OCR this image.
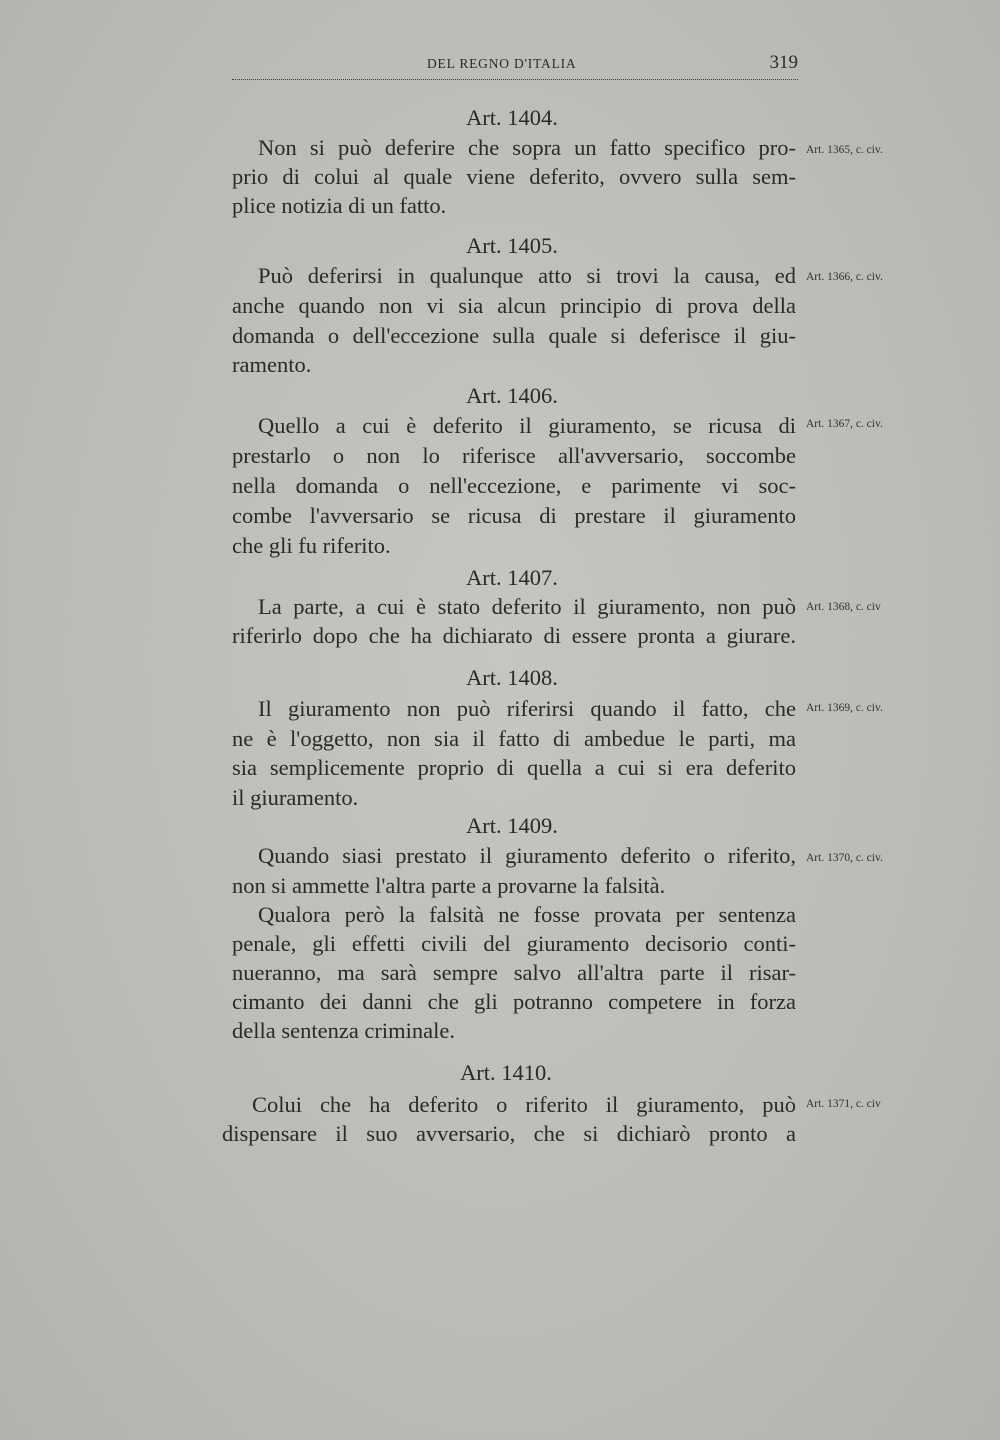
DEL REGNO D'ITALIA	319
Art. 1404.
Art. 1365, c. civ.
Non si può deferire che sopra un fatto specifico pro-
prio di colui al quale viene deferito, ovvero sulla sem-
plice notizia di un fatto.
Art. 1405.
Art. 1366, c. civ.
Può deferirsi in qualunque atto si trovi la causa, ed
anche quando non vi sia alcun principio di prova della
domanda o dell'eccezione sulla quale si deferisce il giu-
ramento.
Art. 1406.
Art. 1367, c. civ.
Quello a cui è deferito il giuramento, se ricusa di
prestarlo o non lo riferisce all'avversario, soccombe
nella domanda o nell'eccezione, e parimente vi soc-
combe l'avversario se ricusa di prestare il giuramento
che gli fu riferito.
Art. 1407.
Art. 1368, c. civ
La parte, a cui è stato deferito il giuramento, non può
riferirlo dopo che ha dichiarato di essere pronta a giurare.
Art. 1408.
Art. 1369, c. civ.
Il giuramento non può riferirsi quando il fatto, che
ne è l'oggetto, non sia il fatto di ambedue le parti, ma
sia semplicemente proprio di quella a cui si era deferito
il giuramento.
Art. 1409.
Art. 1370, c. civ.
Quando siasi prestato il giuramento deferito o riferito,
non si ammette l'altra parte a provarne la falsità.
Qualora però la falsità ne fosse provata per sentenza
penale, gli effetti civili del giuramento decisorio conti-
nueranno, ma sarà sempre salvo all'altra parte il risar-
cimanto dei danni che gli potranno competere in forza
della sentenza criminale.
Art. 1410.
Art. 1371, c. civ
Colui che ha deferito o riferito il giuramento, può
dispensare il suo avversario, che si dichiarò pronto a
